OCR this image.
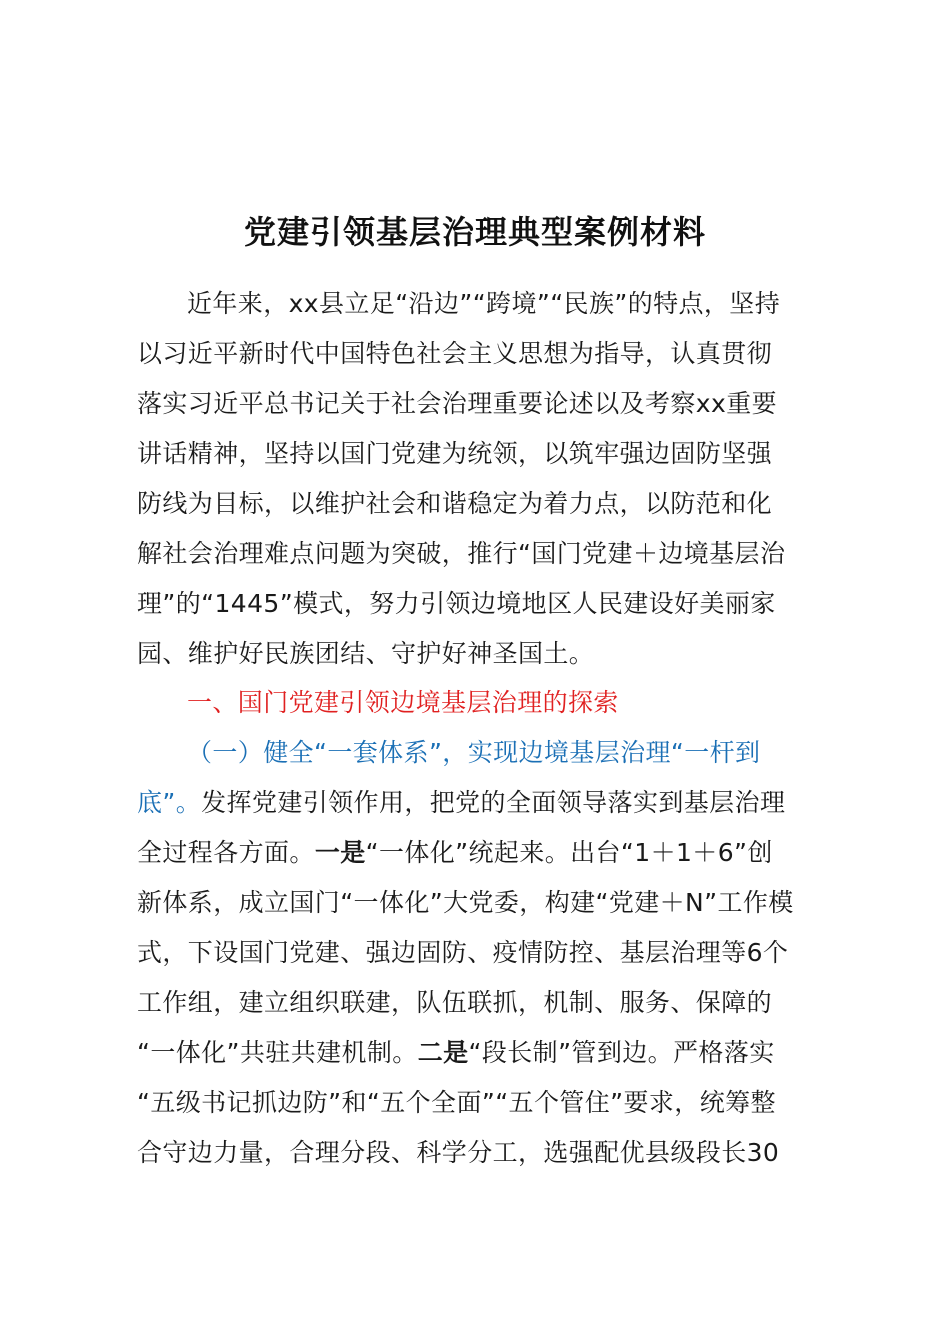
党建引领基层治理典型案例材料
近年来，xx县立足“沿边”“跨境”“民族”的特点，坚持
以习近平新时代中国特色社会主义思想为指导，认真贯彻
落实习近平总书记关于社会治理重要论述以及考察xx重要
讲话精神，坚持以国门党建为统领，以筑牢强边固防坚强
防线为目标，以维护社会和谐稳定为着力点，以防范和化
解社会治理难点问题为突破，推行“国门党建＋边境基层治
理”的“1445”模式，努力引领边境地区人民建设好美丽家
园、维护好民族团结、守护好神圣国土。
一、国门党建引领边境基层治理的探索
（一）健全“一套体系”，实现边境基层治理“一杆到
底”。发挥党建引领作用，把党的全面领导落实到基层治理
全过程各方面。一是“一体化”统起来。出台“1＋1＋6”创
新体系，成立国门“一体化”大党委，构建“党建＋N”工作模
式，下设国门党建、强边固防、疫情防控、基层治理等6个
工作组，建立组织联建，队伍联抓，机制、服务、保障的
“一体化”共驻共建机制。二是“段长制”管到边。严格落实
“五级书记抓边防”和“五个全面”“五个管住”要求，统筹整
合守边力量，合理分段、科学分工，选强配优县级段长30
